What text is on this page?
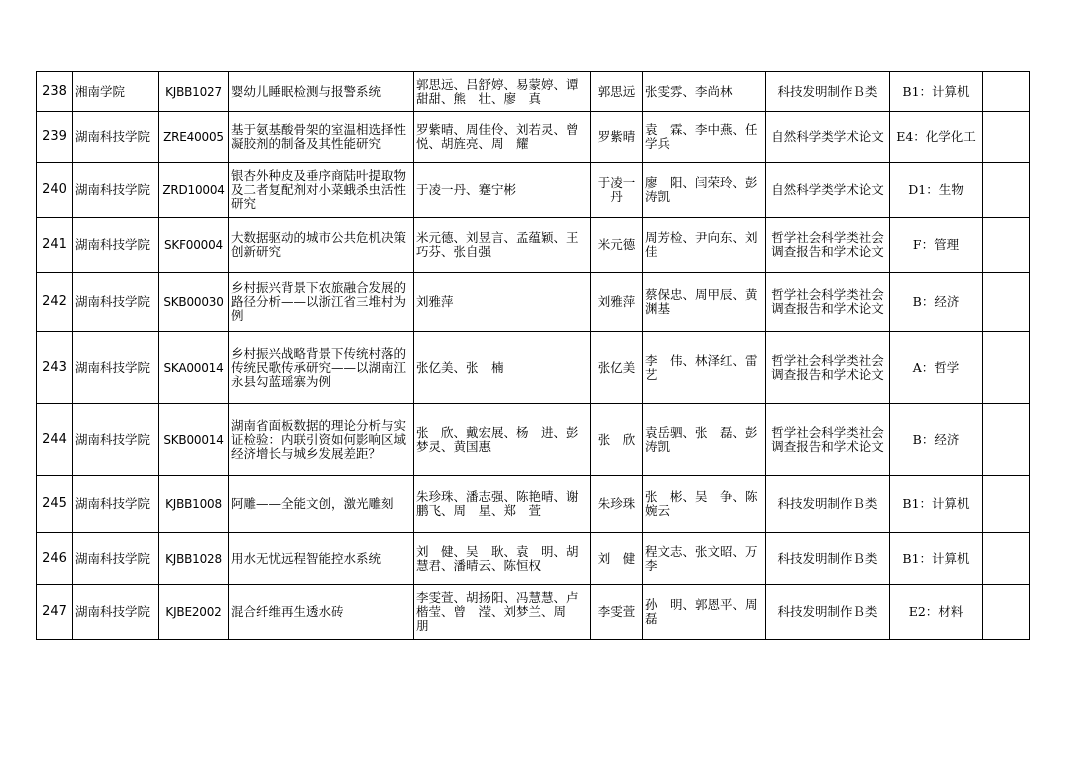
238	湘南学院	KJBB1027	婴幼儿睡眠检测与报警系统	郭思远、吕舒婷、易蒙婷、谭甜甜、熊　壮、廖　真	郭思远	张雯雰、李尚林	科技发明制作Ｂ类	B1：计算机	
239	湖南科技学院	ZRE40005	基于氨基酸骨架的室温相选择性凝胶剂的制备及其性能研究	罗紫晴、周佳伶、刘若灵、曾　悦、胡旌亮、周　耀	罗紫晴	袁　霖、李中燕、任学兵	自然科学类学术论文	E4：化学化工	
240	湖南科技学院	ZRD10004	银杏外种皮及垂序商陆叶提取物及二者复配剂对小菜蛾杀虫活性研究	于凌一丹、蹇宁彬	于凌一丹	廖　阳、闫荣玲、彭涛凯	自然科学类学术论文	D1：生物	
241	湖南科技学院	SKF00004	大数据驱动的城市公共危机决策创新研究	米元德、刘昱言、孟蕴颖、王巧芬、张自强	米元德	周芳检、尹向东、刘　佳	哲学社会科学类社会调查报告和学术论文	F：管理	
242	湖南科技学院	SKB00030	乡村振兴背景下农旅融合发展的路径分析——以浙江省三堆村为例	刘雅萍	刘雅萍	蔡保忠、周甲辰、黄渊基	哲学社会科学类社会调查报告和学术论文	B：经济	
243	湖南科技学院	SKA00014	乡村振兴战略背景下传统村落的传统民歌传承研究——以湖南江永县勾蓝瑶寨为例	张亿美、张　楠	张亿美	李　伟、林泽红、雷　艺	哲学社会科学类社会调查报告和学术论文	A：哲学	
244	湖南科技学院	SKB00014	湖南省面板数据的理论分析与实证检验：内联引资如何影响区域经济增长与城乡发展差距？	张　欣、戴宏展、杨　进、彭梦灵、黄国惠	张　欣	袁岳驷、张　磊、彭涛凯	哲学社会科学类社会调查报告和学术论文	B：经济	
245	湖南科技学院	KJBB1008	阿雕——全能文创，激光雕刻	朱珍珠、潘志强、陈艳晴、谢鹏飞、周　星、郑　萱	朱珍珠	张　彬、吴　争、陈婉云	科技发明制作Ｂ类	B1：计算机	
246	湖南科技学院	KJBB1028	用水无忧远程智能控水系统	刘　健、吴　耿、袁　明、胡慧君、潘晴云、陈恒权	刘　健	程文志、张文昭、万　李	科技发明制作Ｂ类	B1：计算机	
247	湖南科技学院	KJBE2002	混合纤维再生透水砖	李雯萱、胡扬阳、冯慧慧、卢楷莹、曾　滢、刘梦兰、周　朋	李雯萱	孙　明、郭恩平、周　磊	科技发明制作Ｂ类	E2：材料	
